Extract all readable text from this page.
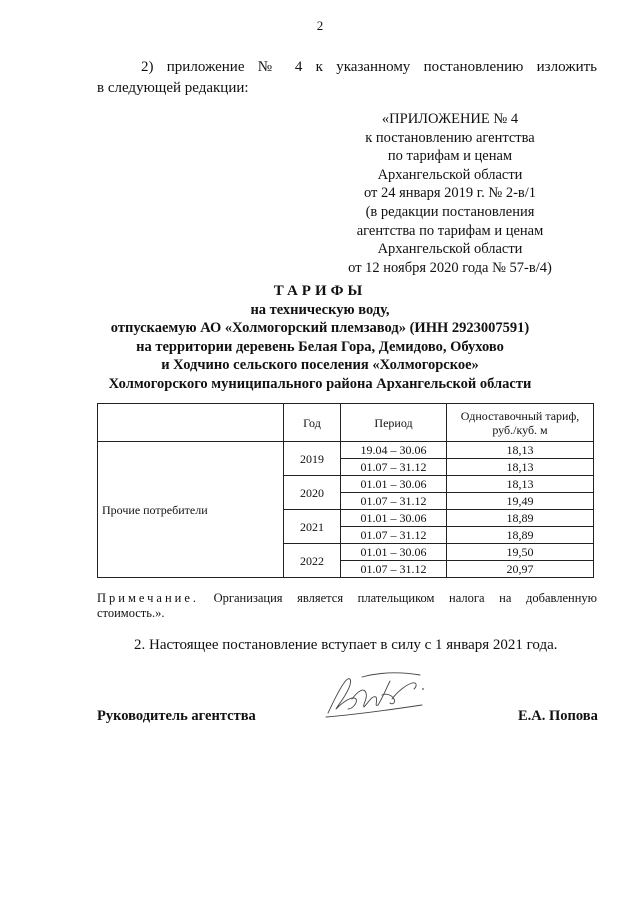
2
2) приложение № 4 к указанному постановлению изложить
в следующей редакции:
«ПРИЛОЖЕНИЕ № 4
к постановлению агентства
по тарифам и ценам
Архангельской области
от 24 января 2019 г. № 2-в/1
(в редакции постановления
агентства по тарифам и ценам
Архангельской области
от 12 ноября 2020 года № 57-в/4)
ТАРИФЫ
на техническую воду,
отпускаемую АО «Холмогорский племзавод» (ИНН 2923007591)
на территории деревень Белая Гора, Демидово, Обухово
и Ходчино сельского поселения «Холмогорское»
Холмогорского муниципального района Архангельской области
	Год	Период	Одноставочный тариф,
руб./куб. м
Прочие потребители	2019	19.04 – 30.06	18,13
		01.07 – 31.12	18,13
	2020	01.01 – 30.06	18,13
		01.07 – 31.12	19,49
	2021	01.01 – 30.06	18,89
		01.07 – 31.12	18,89
	2022	01.01 – 30.06	19,50
		01.07 – 31.12	20,97
Примечание. Организация является плательщиком налога на добавленную
стоимость.».
2. Настоящее постановление вступает в силу с 1 января 2021 года.
Руководитель агентства	Е.А. Попова
